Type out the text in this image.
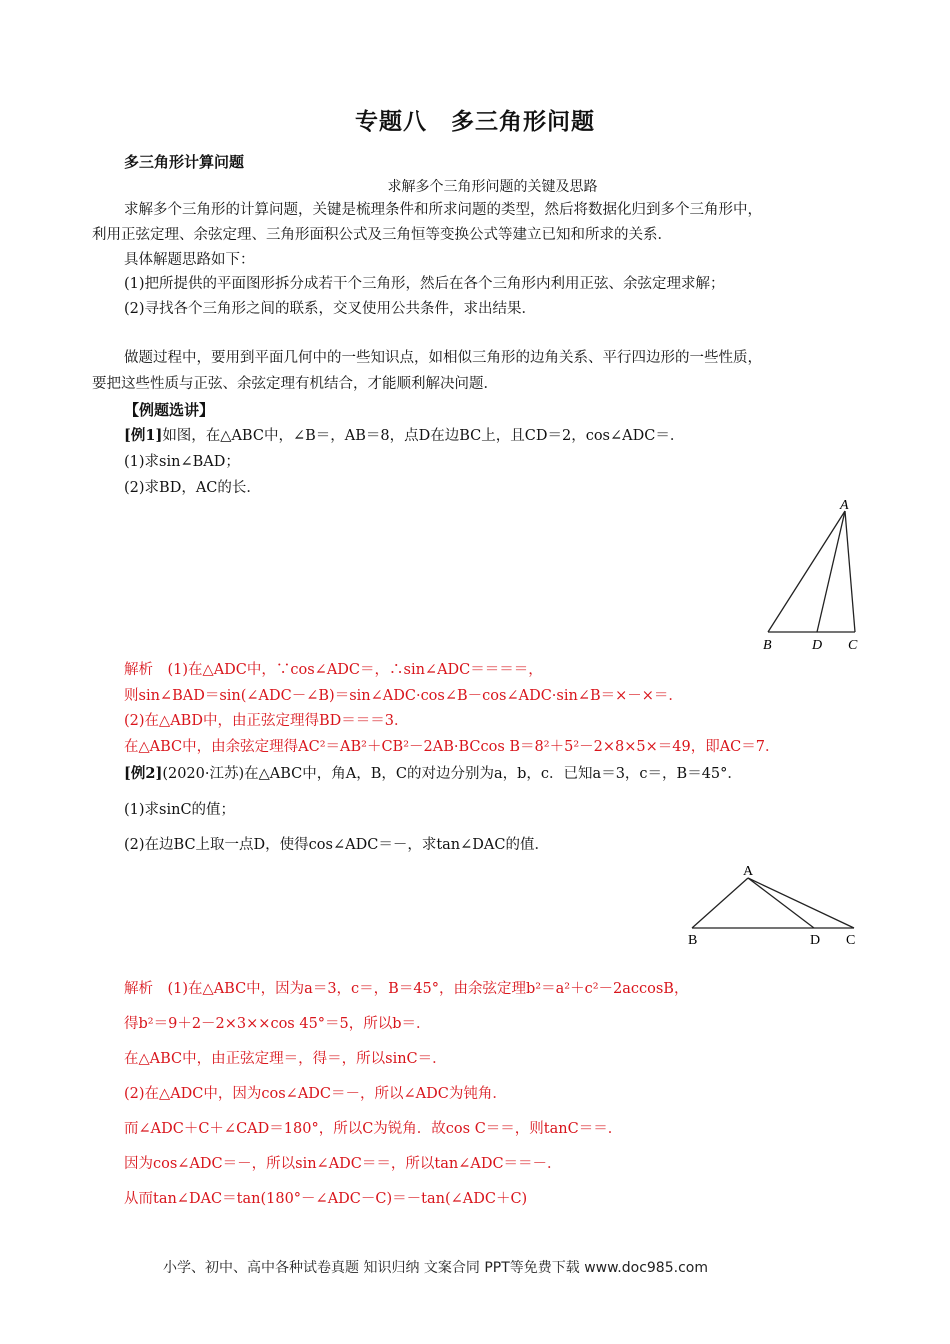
专题八　多三角形问题
多三角形计算问题
求解多个三角形问题的关键及思路
求解多个三角形的计算问题，关键是梳理条件和所求问题的类型，然后将数据化归到多个三角形中，
利用正弦定理、余弦定理、三角形面积公式及三角恒等变换公式等建立已知和所求的关系．
具体解题思路如下：
(1)把所提供的平面图形拆分成若干个三角形，然后在各个三角形内利用正弦、余弦定理求解；
(2)寻找各个三角形之间的联系，交叉使用公共条件，求出结果．
做题过程中，要用到平面几何中的一些知识点，如相似三角形的边角关系、平行四边形的一些性质，
要把这些性质与正弦、余弦定理有机结合，才能顺利解决问题．
【例题选讲】
[例1]如图，在△ABC中，∠B＝，AB＝8，点D在边BC上，且CD＝2，cos∠ADC＝．
(1)求sin∠BAD；
(2)求BD，AC的长．
A
B	D C
解析　(1)在△ADC中，∵cos∠ADC＝，∴sin∠ADC＝＝＝＝，
则sin∠BAD＝sin(∠ADC－∠B)＝sin∠ADC·cos∠B－cos∠ADC·sin∠B＝×－×＝．
(2)在△ABD中，由正弦定理得BD＝＝＝3．
在△ABC中，由余弦定理得AC²＝AB²＋CB²－2AB·BCcos B＝8²＋5²－2×8×5×＝49，即AC＝7．
[例2](2020·江苏)在△ABC中，角A，B，C的对边分别为a，b，c．已知a＝3，c＝，B＝45°．
(1)求sinC的值；
(2)在边BC上取一点D，使得cos∠ADC＝－，求tan∠DAC的值．
A
B	D C
解析　(1)在△ABC中，因为a＝3，c＝，B＝45°，由余弦定理b²＝a²＋c²－2accosB，
得b²＝9＋2－2×3××cos 45°＝5，所以b＝．
在△ABC中，由正弦定理＝，得＝，所以sinC＝．
(2)在△ADC中，因为cos∠ADC＝－，所以∠ADC为钝角．
而∠ADC＋C＋∠CAD＝180°，所以C为锐角．故cos C＝＝，则tanC＝＝．
因为cos∠ADC＝－，所以sin∠ADC＝＝，所以tan∠ADC＝＝－．
从而tan∠DAC＝tan(180°－∠ADC－C)＝－tan(∠ADC＋C)
小学、初中、高中各种试卷真题 知识归纳 文案合同 PPT等免费下载 www.doc985.com
